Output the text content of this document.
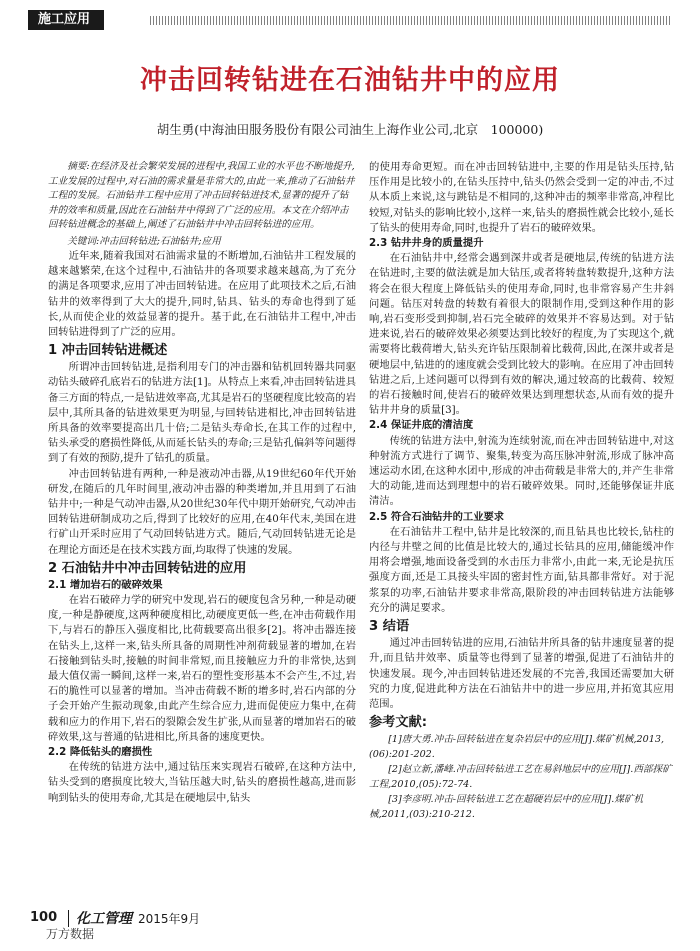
施工应用
冲击回转钻进在石油钻井中的应用
胡生勇(中海油田服务股份有限公司油生上海作业公司,北京　100000)
摘要:在经济及社会繁荣发展的进程中,我国工业的水平也不断地提升,工业发展的过程中,对石油的需求量是非常大的,由此一来,推动了石油钻井工程的发展。石油钻井工程中应用了冲击回转钻进技术,显著的提升了钻井的效率和质量,因此在石油钻井中得到了广泛的应用。本文在介绍冲击回转钻进概念的基础上,阐述了石油钻井中冲击回转钻进的应用。
关键词:冲击回转钻进;石油钻井;应用

近年来,随着我国对石油需求量的不断增加,石油钻井工程发展的越来越繁荣,在这个过程中,石油钻井的各项要求越来越高,为了充分的满足各项要求,应用了冲击回转钻进。在应用了此项技术之后,石油钻井的效率得到了大大的提升,同时,钻具、钻头的寿命也得到了延长,从而使企业的效益显著的提升。基于此,在石油钻井工程中,冲击回转钻进得到了广泛的应用。

1 冲击回转钻进概述

所谓冲击回转钻进,是指利用专门的冲击器和钻机回转器共同驱动钻头破碎孔底岩石的钻进方法[1]。从特点上来看,冲击回转钻进具备三方面的特点,一是钻进效率高,尤其是岩石的坚硬程度比较高的岩层中,其所具备的钻进效果更为明显,与回转钻进相比,冲击回转钻进所具备的效率要提高出几十倍;二是钻头寿命长,在其工作的过程中,钻头承受的磨损性降低,从而延长钻头的寿命;三是钻孔偏斜等问题得到了有效的预防,提升了钻孔的质量。

冲击回转钻进有两种,一种是液动冲击器,从19世纪60年代开始研发,在随后的几年时间里,液动冲击器的种类增加,并且用到了石油钻井中;一种是气动冲击器,从20世纪30年代中期开始研究,气动冲击回转钻进研制成功之后,得到了比较好的应用,在40年代末,美国在进行矿山开采时应用了气动回转钻进方式。随后,气动回转钻进无论是在理论方面还是在技术实践方面,均取得了快速的发展。

2 石油钻井中冲击回转钻进的应用
2.1 增加岩石的破碎效果

在岩石破碎力学的研究中发现,岩石的硬度包含另种,一种是动硬度,一种是静硬度,这两种硬度相比,动硬度更低一些,在冲击荷载作用下,与岩石的静压入强度相比,比荷载要高出很多[2]。将冲击器连接在钻头上,这样一来,钻头所具备的周期性冲剂荷载显著的增加,在岩石接触到钻头时,接触的时间非常短,而且接触应力升的非常快,达到最大值仅需一瞬间,这样一来,岩石的塑性变形基本不会产生,不过,岩石的脆性可以显著的增加。当冲击荷载不断的增多时,岩石内部的分子会开始产生振动现象,由此产生综合应力,进而促使应力集中,在荷载和应力的作用下,岩石的裂隙会发生扩张,从而显著的增加岩石的破碎效果,这与普通的钻进相比,所具备的速度更快。

2.2 降低钻头的磨损性

在传统的钻进方法中,通过钻压来实现岩石破碎,在这种方法中,钻头受到的磨损度比较大,当钻压越大时,钻头的磨损性越高,进而影响到钻头的使用寿命,尤其是在硬地层中,钻头

的使用寿命更短。而在冲击回转钻进中,主要的作用是钻头压持,钻压作用是比较小的,在钻头压持中,钻头仍然会受到一定的冲击,不过从本质上来说,这与跳钻是不相同的,这种冲击的频率非常高,冲程比较短,对钻头的影响比较小,这样一来,钻头的磨损性就会比较小,延长了钻头的使用寿命,同时,也提升了岩石的破碎效果。

2.3 钻井井身的质量提升

在石油钻井中,经常会遇到深井或者是硬地层,传统的钻进方法在钻进时,主要的做法就是加大钻压,或者将转盘转数提升,这种方法将会在很大程度上降低钻头的使用寿命,同时,也非常容易产生井斜问题。钻压对转盘的转数有着很大的限制作用,受到这种作用的影响,岩石变形受到抑制,岩石完全破碎的效果并不容易达到。对于钻进来说,岩石的破碎效果必须要达到比较好的程度,为了实现这个,就需要将比载荷增大,钻头充许钻压限制着比载荷,因此,在深井或者是硬地层中,钻进的的速度就会受到比较大的影响。在应用了冲击回转钻进之后,上述问题可以得到有效的解决,通过较高的比载荷、较短的岩石接触时间,使岩石的破碎效果达到理想状态,从而有效的提升钻井井身的质量[3]。

2.4 保证井底的清洁度

传统的钻进方法中,射流为连续射流,而在冲击回转钻进中,对这种射流方式进行了调节、聚集,转变为高压脉冲射流,形成了脉冲高速运动水团,在这种水团中,形成的冲击荷载是非常大的,并产生非常大的动能,进而达到理想中的岩石破碎效果。同时,还能够保证井底清洁。

2.5 符合石油钻井的工业要求

在石油钻井工程中,钻井是比较深的,而且钻具也比较长,钻柱的内径与井壁之间的比值是比较大的,通过长钻具的应用,储能缓冲作用将会增强,地面设备受到的水击压力非常小,由此一来,无论是抗压强度方面,还是工具接头牢固的密封性方面,钻具都非常好。对于泥浆泵的功率,石油钻井要求非常高,限阶段的冲击回转钻进方法能够充分的满足要求。

3 结语

通过冲击回转钻进的应用,石油钻井所具备的钻井速度显著的提升,而且钻井效率、质量等也得到了显著的增强,促进了石油钻井的快速发展。现今,冲击回转钻进还发展的不完善,我国还需要加大研究的力度,促进此种方法在石油钻井中的进一步应用,并拓宽其应用范围。

参考文献:
[1]唐大勇.冲击-回转钻进在复杂岩层中的应用[J].煤矿机械,2013,(06):201-202.
[2]赵立新,潘峰.冲击回转钻进工艺在易斜地层中的应用[J].西部探矿工程,2010,(05):72-74.
[3]李彦明.冲击-回转钻进工艺在超硬岩层中的应用[J].煤矿机械,2011,(03):210-212.
100 化工管理 2015年9月
万方数据
